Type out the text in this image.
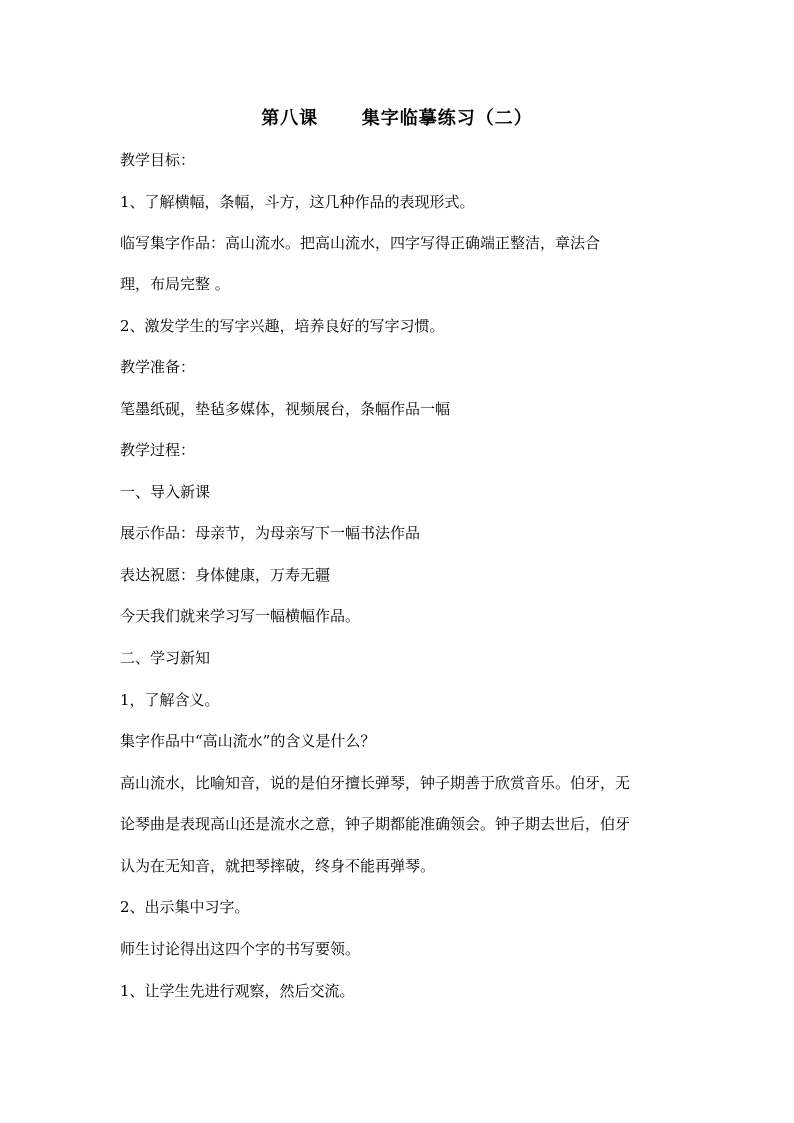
第八课      集字临摹练习（二）
教学目标：
1、了解横幅，条幅，斗方，这几种作品的表现形式。
临写集字作品：高山流水。把高山流水，四字写得正确端正整洁，章法合
理，布局完整 。
2、激发学生的写字兴趣，培养良好的写字习惯。
教学准备：
笔墨纸砚，垫毡多媒体，视频展台，条幅作品一幅
教学过程：
一、导入新课
展示作品：母亲节，为母亲写下一幅书法作品
表达祝愿：身体健康，万寿无疆
今天我们就来学习写一幅横幅作品。
二、学习新知
1，了解含义。
集字作品中“高山流水”的含义是什么？
高山流水，比喻知音，说的是伯牙擅长弹琴，钟子期善于欣赏音乐。伯牙，无
论琴曲是表现高山还是流水之意，钟子期都能准确领会。钟子期去世后，伯牙
认为在无知音，就把琴摔破，终身不能再弹琴。
2、出示集中习字。
师生讨论得出这四个字的书写要领。
1、让学生先进行观察，然后交流。
